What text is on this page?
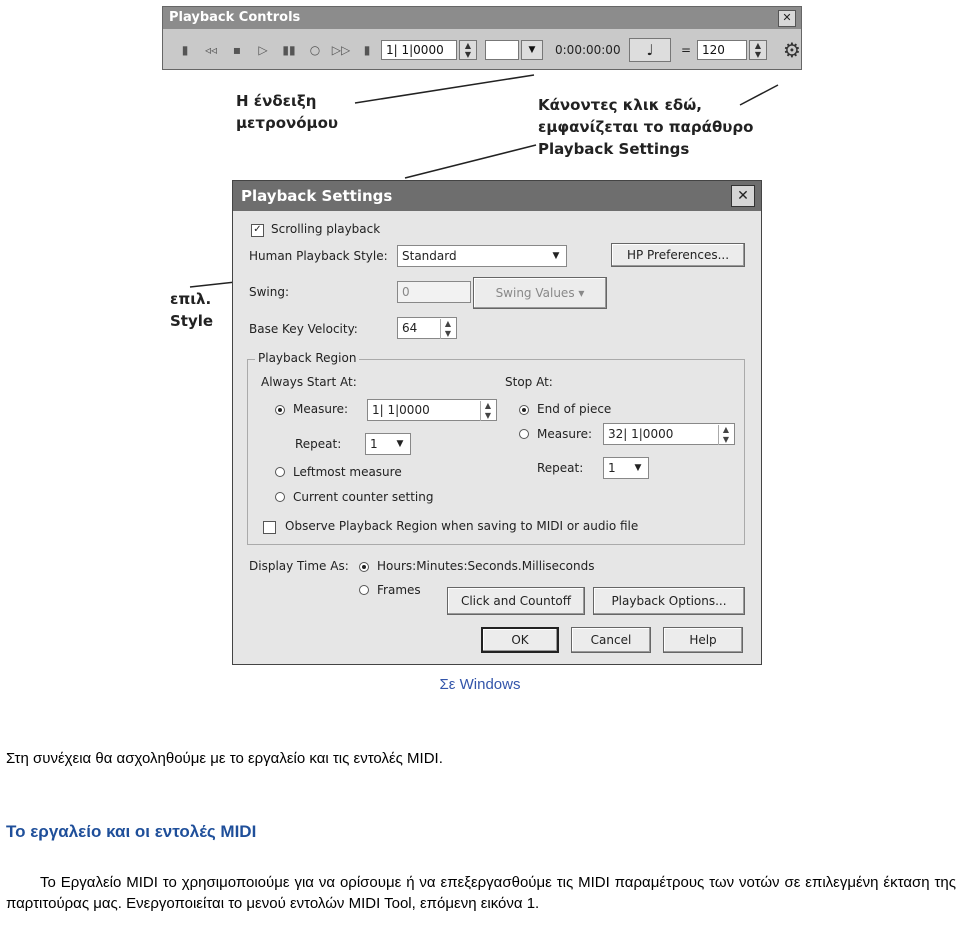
Playback Controls	✕
▮	◃◃	▪	▷	▮▮	○ ▷▷	▮	1| 1|0000	▲
▼	▼	0:00:00:00	♩	= 120	▲
▼	⚙
Η ένδειξη
μετρονόμου
Κάνοντες κλικ εδώ,
εμφανίζεται το παράθυρο
Playback Settings
επιλ.
Style
Playback Settings	✕
✓ Scrolling playback
Human Playback Style:	Standard	▼	HP Preferences...
Swing:	0	Swing Values ▾
Base Key Velocity:	64	▲
▼
Playback Region
Always Start At:	Stop At:
Measure:	1| 1|0000	▲
▼
Repeat:	1	▼
Leftmost measure
Current counter setting
End of piece
Measure:	32| 1|0000	▲
▼
Repeat:	1	▼
Observe Playback Region when saving to MIDI or audio file
Display Time As: Hours:Minutes:Seconds.Milliseconds
Frames
Click and Countoff	Playback Options...
OK	Cancel	Help
Σε Windows
Στη συνέχεια θα ασχοληθούμε με το εργαλείο και τις εντολές MIDI.
Το εργαλείο και οι εντολές MIDI
Το Εργαλείο MIDI το χρησιμοποιούμε για να ορίσουμε ή να επεξεργασθούμε τις MIDI παραμέτρους των νοτών σε επιλεγμένη έκταση της παρτιτούρας μας. Ενεργοποιείται το μενού εντολών MIDI Tool, επόμενη εικόνα 1.
